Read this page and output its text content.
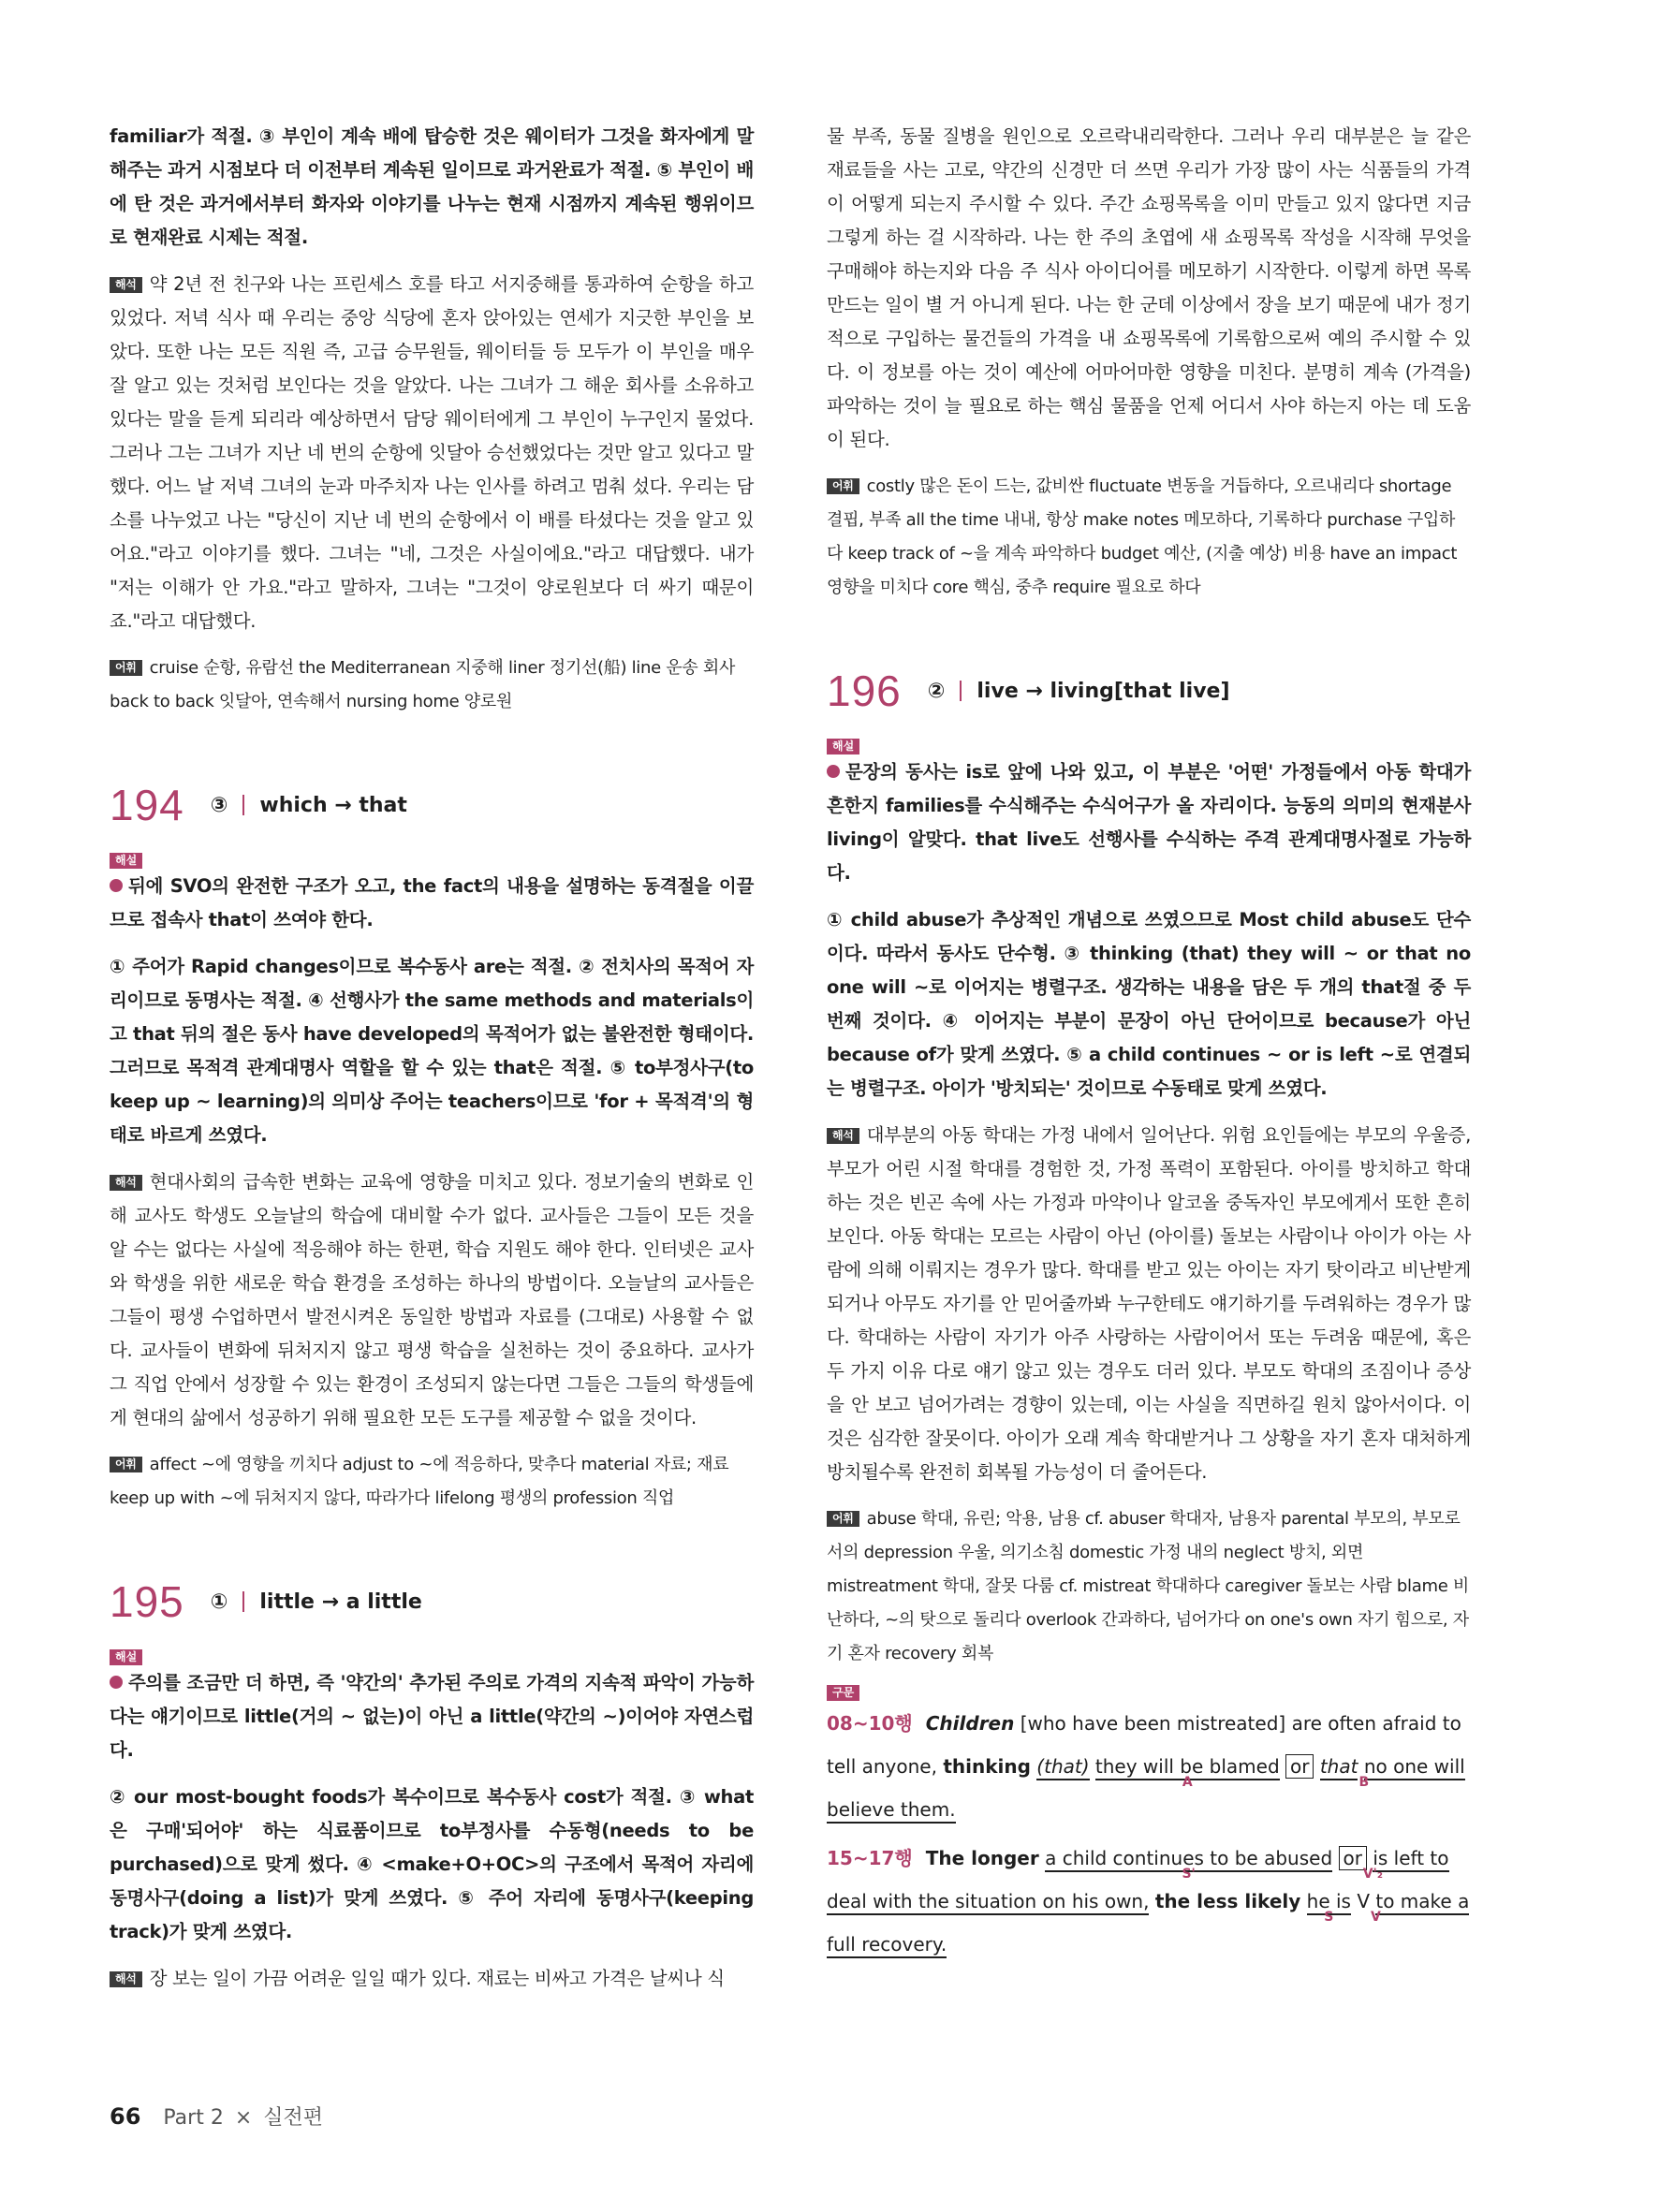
familiar가 적절. ③ 부인이 계속 배에 탑승한 것은 웨이터가 그것을 화자에게 말해주는 과거 시점보다 더 이전부터 계속된 일이므로 과거완료가 적절. ⑤ 부인이 배에 탄 것은 과거에서부터 화자와 이야기를 나누는 현재 시점까지 계속된 행위이므로 현재완료 시제는 적절.

해석 약 2년 전 친구와 나는 프린세스 호를 타고 서지중해를 통과하여 순항을 하고 있었다. 저녁 식사 때 우리는 중앙 식당에 혼자 앉아있는 연세가 지긋한 부인을 보았다. 또한 나는 모든 직원 즉, 고급 승무원들, 웨이터들 등 모두가 이 부인을 매우 잘 알고 있는 것처럼 보인다는 것을 알았다. 나는 그녀가 그 해운 회사를 소유하고 있다는 말을 듣게 되리라 예상하면서 담당 웨이터에게 그 부인이 누구인지 물었다. 그러나 그는 그녀가 지난 네 번의 순항에 잇달아 승선했었다는 것만 알고 있다고 말했다. 어느 날 저녁 그녀의 눈과 마주치자 나는 인사를 하려고 멈춰 섰다. 우리는 담소를 나누었고 나는 "당신이 지난 네 번의 순항에서 이 배를 타셨다는 것을 알고 있어요."라고 이야기를 했다. 그녀는 "네, 그것은 사실이에요."라고 대답했다. 내가 "저는 이해가 안 가요."라고 말하자, 그녀는 "그것이 양로원보다 더 싸기 때문이죠."라고 대답했다.

어휘 cruise 순항, 유람선 the Mediterranean 지중해 liner 정기선(船) line 운송 회사 back to back 잇달아, 연속해서 nursing home 양로원

194 ③ which → that
해설

뒤에 SVO의 완전한 구조가 오고, the fact의 내용을 설명하는 동격절을 이끌므로 접속사 that이 쓰여야 한다.

① 주어가 Rapid changes이므로 복수동사 are는 적절. ② 전치사의 목적어 자리이므로 동명사는 적절. ④ 선행사가 the same methods and materials이고 that 뒤의 절은 동사 have developed의 목적어가 없는 불완전한 형태이다. 그러므로 목적격 관계대명사 역할을 할 수 있는 that은 적절. ⑤ to부정사구(to keep up ~ learning)의 의미상 주어는 teachers이므로 'for + 목적격'의 형태로 바르게 쓰였다.

해석 현대사회의 급속한 변화는 교육에 영향을 미치고 있다. 정보기술의 변화로 인해 교사도 학생도 오늘날의 학습에 대비할 수가 없다. 교사들은 그들이 모든 것을 알 수는 없다는 사실에 적응해야 하는 한편, 학습 지원도 해야 한다. 인터넷은 교사와 학생을 위한 새로운 학습 환경을 조성하는 하나의 방법이다. 오늘날의 교사들은 그들이 평생 수업하면서 발전시켜온 동일한 방법과 자료를 (그대로) 사용할 수 없다. 교사들이 변화에 뒤처지지 않고 평생 학습을 실천하는 것이 중요하다. 교사가 그 직업 안에서 성장할 수 있는 환경이 조성되지 않는다면 그들은 그들의 학생들에게 현대의 삶에서 성공하기 위해 필요한 모든 도구를 제공할 수 없을 것이다.

어휘 affect ~에 영향을 끼치다 adjust to ~에 적응하다, 맞추다 material 자료; 재료 keep up with ~에 뒤처지지 않다, 따라가다 lifelong 평생의 profession 직업

195 ① little → a little
해설

주의를 조금만 더 하면, 즉 '약간의' 추가된 주의로 가격의 지속적 파악이 가능하다는 얘기이므로 little(거의 ~ 없는)이 아닌 a little(약간의 ~)이어야 자연스럽다.

② our most-bought foods가 복수이므로 복수동사 cost가 적절. ③ what은 구매'되어야' 하는 식료품이므로 to부정사를 수동형(needs to be purchased)으로 맞게 썼다. ④ <make+O+OC>의 구조에서 목적어 자리에 동명사구(doing a list)가 맞게 쓰였다. ⑤ 주어 자리에 동명사구(keeping track)가 맞게 쓰였다.

해석 장 보는 일이 가끔 어려운 일일 때가 있다. 재료는 비싸고 가격은 날씨나 식

물 부족, 동물 질병을 원인으로 오르락내리락한다. 그러나 우리 대부분은 늘 같은 재료들을 사는 고로, 약간의 신경만 더 쓰면 우리가 가장 많이 사는 식품들의 가격이 어떻게 되는지 주시할 수 있다. 주간 쇼핑목록을 이미 만들고 있지 않다면 지금 그렇게 하는 걸 시작하라. 나는 한 주의 초엽에 새 쇼핑목록 작성을 시작해 무엇을 구매해야 하는지와 다음 주 식사 아이디어를 메모하기 시작한다. 이렇게 하면 목록 만드는 일이 별 거 아니게 된다. 나는 한 군데 이상에서 장을 보기 때문에 내가 정기적으로 구입하는 물건들의 가격을 내 쇼핑목록에 기록함으로써 예의 주시할 수 있다. 이 정보를 아는 것이 예산에 어마어마한 영향을 미친다. 분명히 계속 (가격을) 파악하는 것이 늘 필요로 하는 핵심 물품을 언제 어디서 사야 하는지 아는 데 도움이 된다.

어휘 costly 많은 돈이 드는, 값비싼 fluctuate 변동을 거듭하다, 오르내리다 shortage 결핍, 부족 all the time 내내, 항상 make notes 메모하다, 기록하다 purchase 구입하다 keep track of ~을 계속 파악하다 budget 예산, (지출 예상) 비용 have an impact 영향을 미치다 core 핵심, 중추 require 필요로 하다

196 ② live → living[that live]
해설

문장의 동사는 is로 앞에 나와 있고, 이 부분은 '어떤' 가정들에서 아동 학대가 흔한지 families를 수식해주는 수식어구가 올 자리이다. 능동의 의미의 현재분사 living이 알맞다. that live도 선행사를 수식하는 주격 관계대명사절로 가능하다.

① child abuse가 추상적인 개념으로 쓰였으므로 Most child abuse도 단수이다. 따라서 동사도 단수형. ③ thinking (that) they will ~ or that no one will ~로 이어지는 병렬구조. 생각하는 내용을 담은 두 개의 that절 중 두 번째 것이다. ④ 이어지는 부분이 문장이 아닌 단어이므로 because가 아닌 because of가 맞게 쓰였다. ⑤ a child continues ~ or is left ~로 연결되는 병렬구조. 아이가 '방치되는' 것이므로 수동태로 맞게 쓰였다.

해석 대부분의 아동 학대는 가정 내에서 일어난다. 위험 요인들에는 부모의 우울증, 부모가 어린 시절 학대를 경험한 것, 가정 폭력이 포함된다. 아이를 방치하고 학대하는 것은 빈곤 속에 사는 가정과 마약이나 알코올 중독자인 부모에게서 또한 흔히 보인다. 아동 학대는 모르는 사람이 아닌 (아이를) 돌보는 사람이나 아이가 아는 사람에 의해 이뤄지는 경우가 많다. 학대를 받고 있는 아이는 자기 탓이라고 비난받게 되거나 아무도 자기를 안 믿어줄까봐 누구한테도 얘기하기를 두려워하는 경우가 많다. 학대하는 사람이 자기가 아주 사랑하는 사람이어서 또는 두려움 때문에, 혹은 두 가지 이유 다로 얘기 않고 있는 경우도 더러 있다. 부모도 학대의 조짐이나 증상을 안 보고 넘어가려는 경향이 있는데, 이는 사실을 직면하길 원치 않아서이다. 이것은 심각한 잘못이다. 아이가 오래 계속 학대받거나 그 상황을 자기 혼자 대처하게 방치될수록 완전히 회복될 가능성이 더 줄어든다.

어휘 abuse 학대, 유린; 악용, 남용 cf. abuser 학대자, 남용자 parental 부모의, 부모로서의 depression 우울, 의기소침 domestic 가정 내의 neglect 방치, 외면 mistreatment 학대, 잘못 다룸 cf. mistreat 학대하다 caregiver 돌보는 사람 blame 비난하다, ~의 탓으로 돌리다 overlook 간과하다, 넘어가다 on one's own 자기 힘으로, 자기 혼자 recovery 회복

구문

08~10행 Children [who have been mistreated] are often afraid to tell anyone, thinking (that) they will be blamed
A
or that no one will believe them.
B

15~17행 The longer a child continues to be abused
S'
or is left to deal with the situation on his own,
V'₂
the less likely he is
S
V to make a full recovery.
V

66 Part 2 × 실전편
